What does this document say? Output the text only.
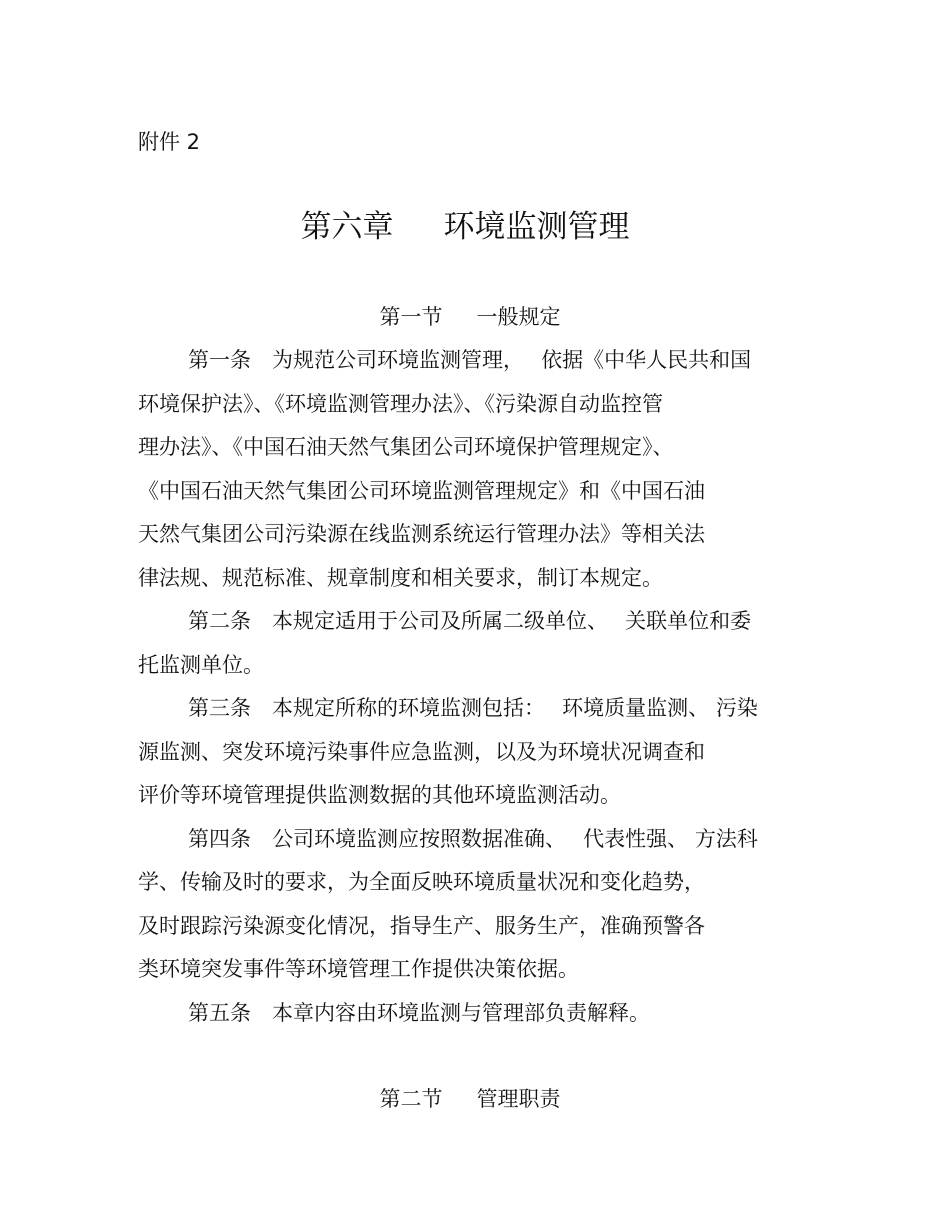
附件 2
第六章 环境监测管理
第一节 一般规定
第一条　为规范公司环境监测管理，　 依据《中华人民共和国
环境保护法》、《环境监测管理办法》、《污染源自动监控管
理办法》、《中国石油天然气集团公司环境保护管理规定》、
《中国石油天然气集团公司环境监测管理规定》和《中国石油
天然气集团公司污染源在线监测系统运行管理办法》等相关法
律法规、规范标准、规章制度和相关要求，制订本规定。
第二条　本规定适用于公司及所属二级单位、　 关联单位和委
托监测单位。
第三条　本规定所称的环境监测包括：　 环境质量监测、 污染
源监测、突发环境污染事件应急监测，以及为环境状况调查和
评价等环境管理提供监测数据的其他环境监测活动。
第四条　公司环境监测应按照数据准确、　 代表性强、 方法科
学、传输及时的要求，为全面反映环境质量状况和变化趋势，
及时跟踪污染源变化情况，指导生产、服务生产，准确预警各
类环境突发事件等环境管理工作提供决策依据。
第五条　本章内容由环境监测与管理部负责解释。
第二节 管理职责
